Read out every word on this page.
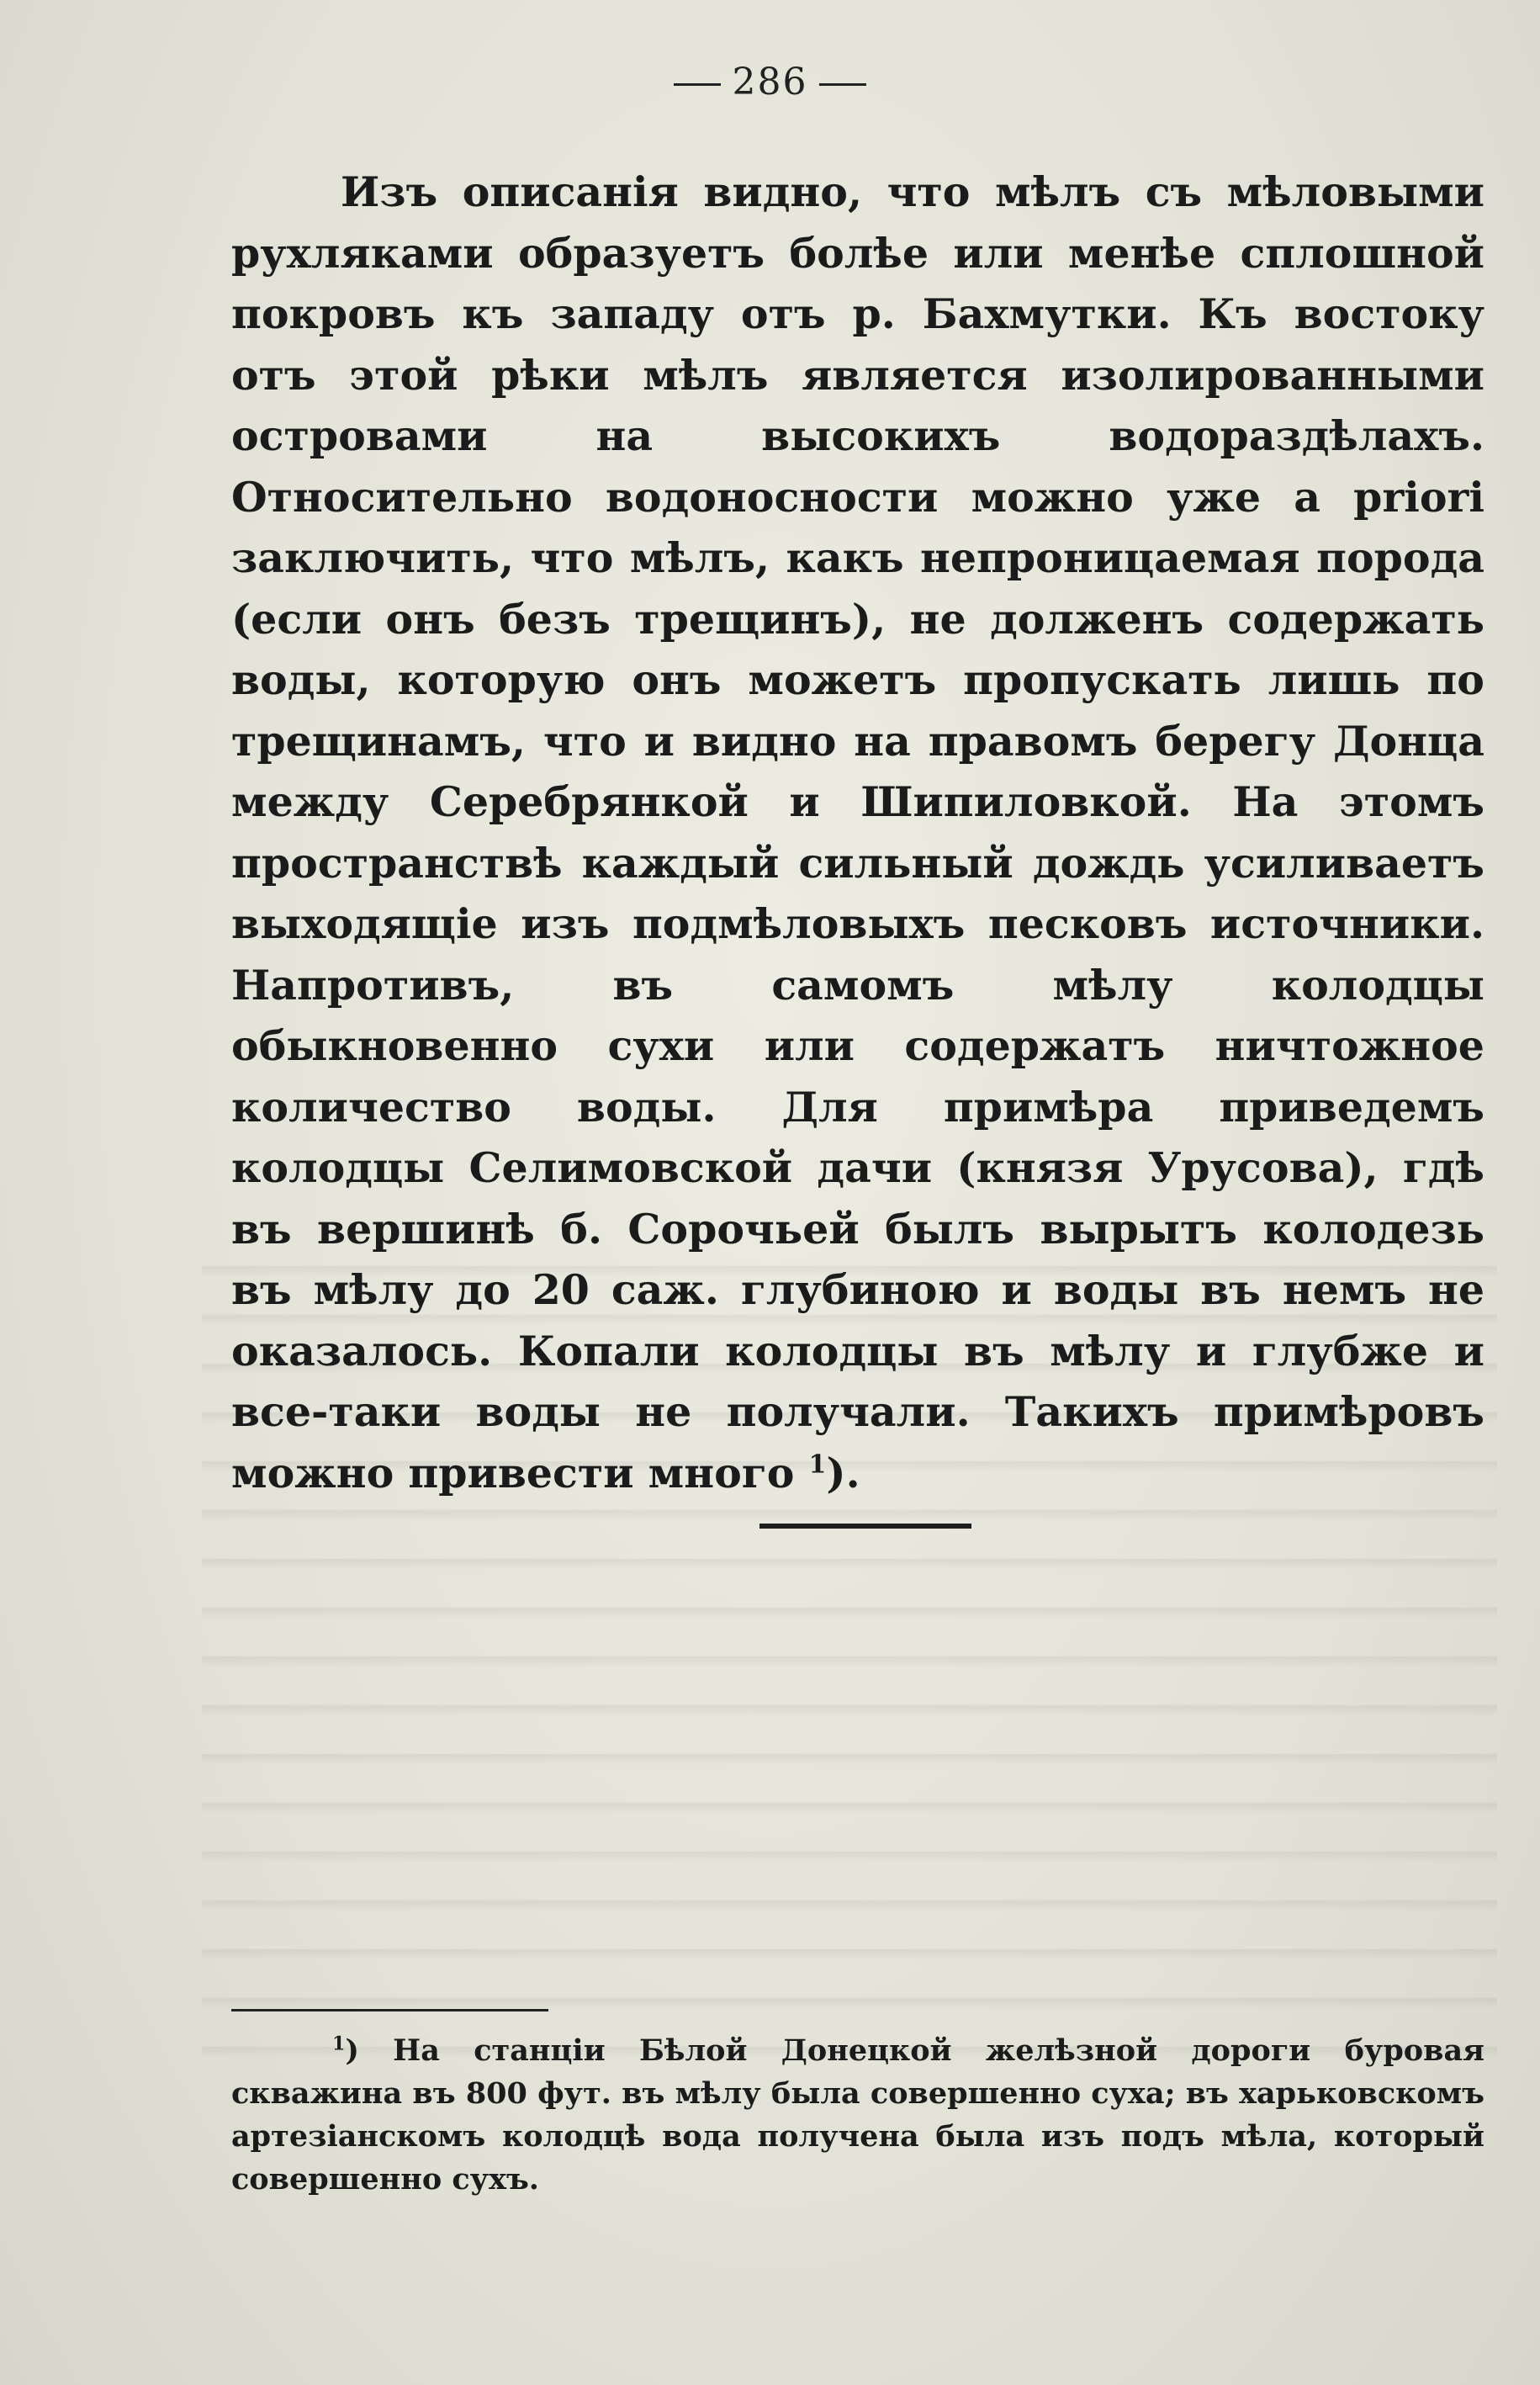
286

Изъ описанія видно, что мѣлъ съ мѣловыми рухляками образуетъ болѣе или менѣе сплошной покровъ къ западу отъ р. Бахмутки. Къ востоку отъ этой рѣки мѣлъ является изолированными островами на высокихъ водораздѣлахъ. Относительно водоносности можно уже a priori заключить, что мѣлъ, какъ непроницаемая порода (если онъ безъ трещинъ), не долженъ содержать воды, которую онъ можетъ пропускать лишь по трещинамъ, что и видно на правомъ берегу Донца между Серебрянкой и Шипиловкой. На этомъ пространствѣ каждый сильный дождь усиливаетъ выходящіе изъ подмѣловыхъ песковъ источники. Напротивъ, въ самомъ мѣлу колодцы обыкновенно сухи или содержатъ ничтожное количество воды. Для примѣра приведемъ колодцы Селимовской дачи (князя Урусова), гдѣ въ вершинѣ б. Сорочьей былъ вырытъ колодезь въ мѣлу до 20 саж. глубиною и воды въ немъ не оказалось. Копали колодцы въ мѣлу и глубже и все-таки воды не получали. Такихъ примѣровъ можно привести много $^1$).

$^1$) На станціи Бѣлой Донецкой желѣзной дороги буровая скважина въ 800 фут. въ мѣлу была совершенно суха; въ харьковскомъ артезіанскомъ колодцѣ вода получена была изъ подъ мѣла, который совершенно сухъ.
